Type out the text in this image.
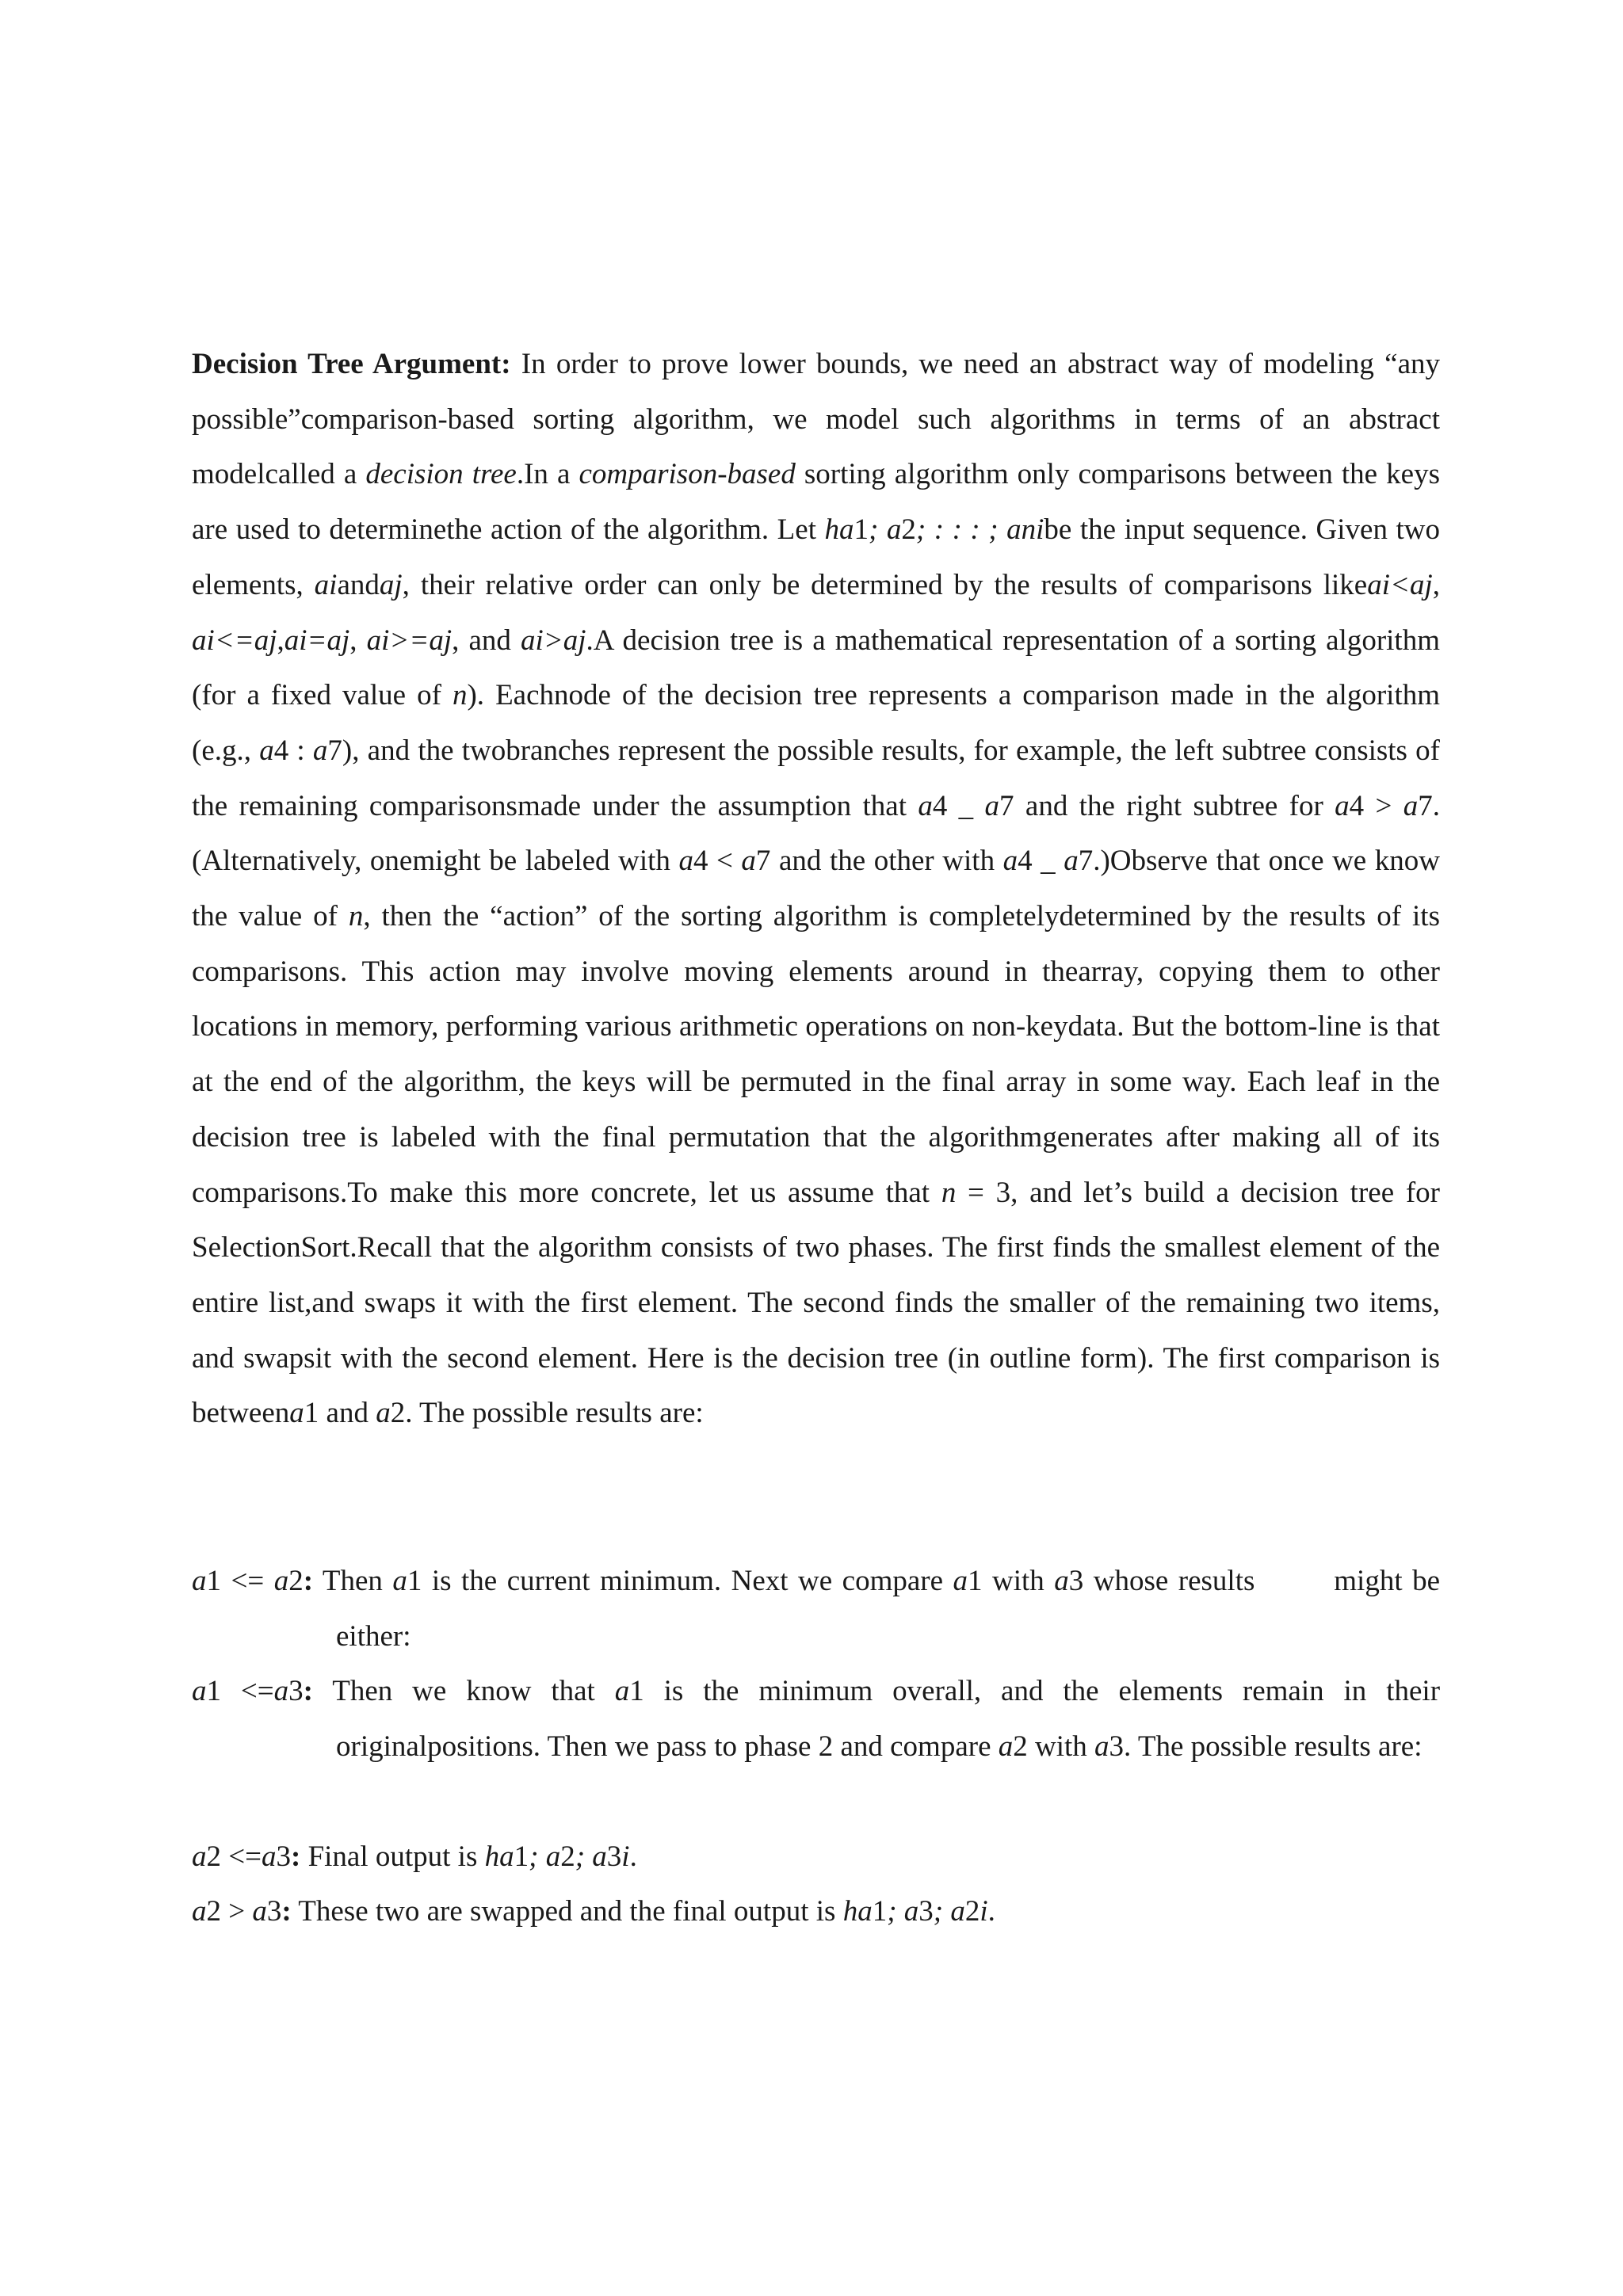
Decision Tree Argument: In order to prove lower bounds, we need an abstract way of modeling “any possible”comparison-based sorting algorithm, we model such algorithms in terms of an abstract modelcalled a decision tree.In a comparison-based sorting algorithm only comparisons between the keys are used to determinethe action of the algorithm. Let ha1; a2; : : : ; anibe the input sequence. Given two elements, aiandaj, their relative order can only be determined by the results of comparisons likeai<aj, ai<=aj,ai=aj, ai>=aj, and ai>aj.A decision tree is a mathematical representation of a sorting algorithm (for a fixed value of n). Eachnode of the decision tree represents a comparison made in the algorithm (e.g., a4 : a7), and the twobranches represent the possible results, for example, the left subtree consists of the remaining comparisonsmade under the assumption that a4 _ a7 and the right subtree for a4 > a7. (Alternatively, onemight be labeled with a4 < a7 and the other with a4 _ a7.)Observe that once we know the value of n, then the “action” of the sorting algorithm is completelydetermined by the results of its comparisons. This action may involve moving elements around in thearray, copying them to other locations in memory, performing various arithmetic operations on non-keydata. But the bottom-line is that at the end of the algorithm, the keys will be permuted in the final array in some way. Each leaf in the decision tree is labeled with the final permutation that the algorithmgenerates after making all of its comparisons.To make this more concrete, let us assume that n = 3, and let’s build a decision tree for SelectionSort.Recall that the algorithm consists of two phases. The first finds the smallest element of the entire list,and swaps it with the first element. The second finds the smaller of the remaining two items, and swapsit with the second element. Here is the decision tree (in outline form). The first comparison is betweena1 and a2. The possible results are:

a1 <= a2: Then a1 is the current minimum. Next we compare a1 with a3 whose results        might be either:

a1 <=a3: Then we know that a1 is the minimum overall, and the elements remain in their originalpositions. Then we pass to phase 2 and compare a2 with a3. The possible results are:

a2 <=a3: Final output is ha1; a2; a3i.

a2 > a3: These two are swapped and the final output is ha1; a3; a2i.
